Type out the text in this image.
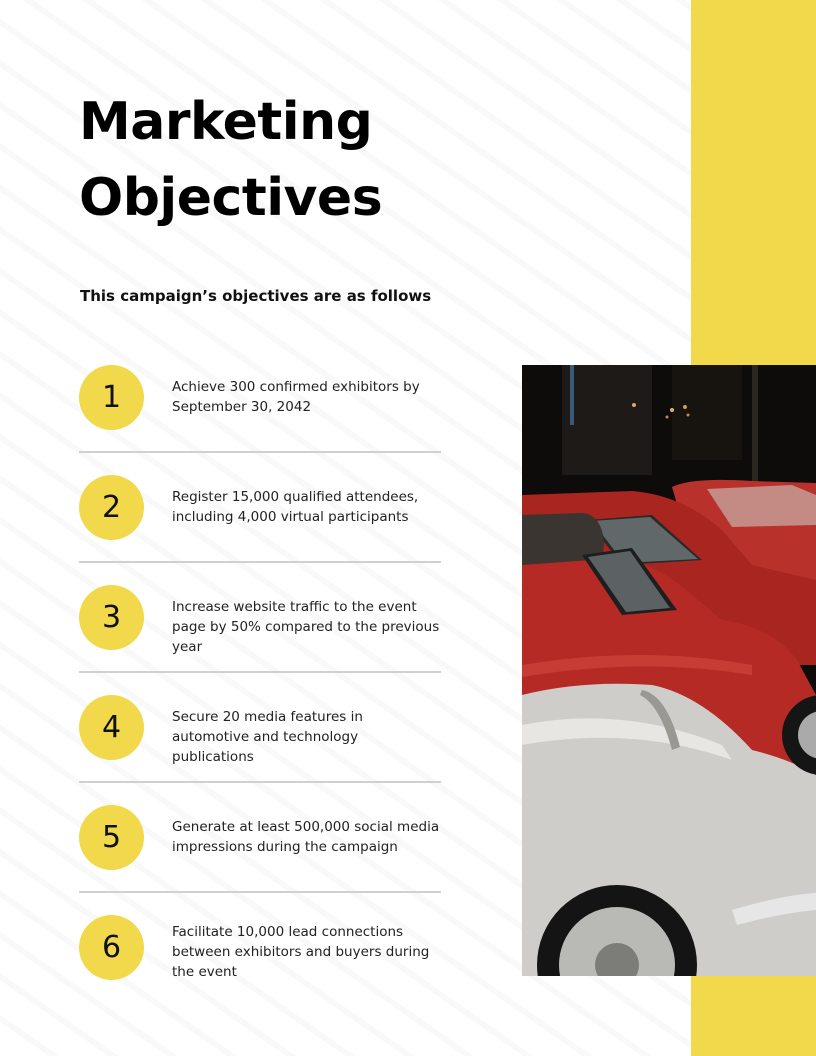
Marketing Objectives
This campaign’s objectives are as follows
1	Achieve 300 confirmed exhibitors by September 30, 2042
2	Register 15,000 qualified attendees, including 4,000 virtual participants
3	Increase website traffic to the event page by 50% compared to the previous year
4	Secure 20 media features in automotive and technology publications
5	Generate at least 500,000 social media impressions during the campaign
6	Facilitate 10,000 lead connections between exhibitors and buyers during the event
